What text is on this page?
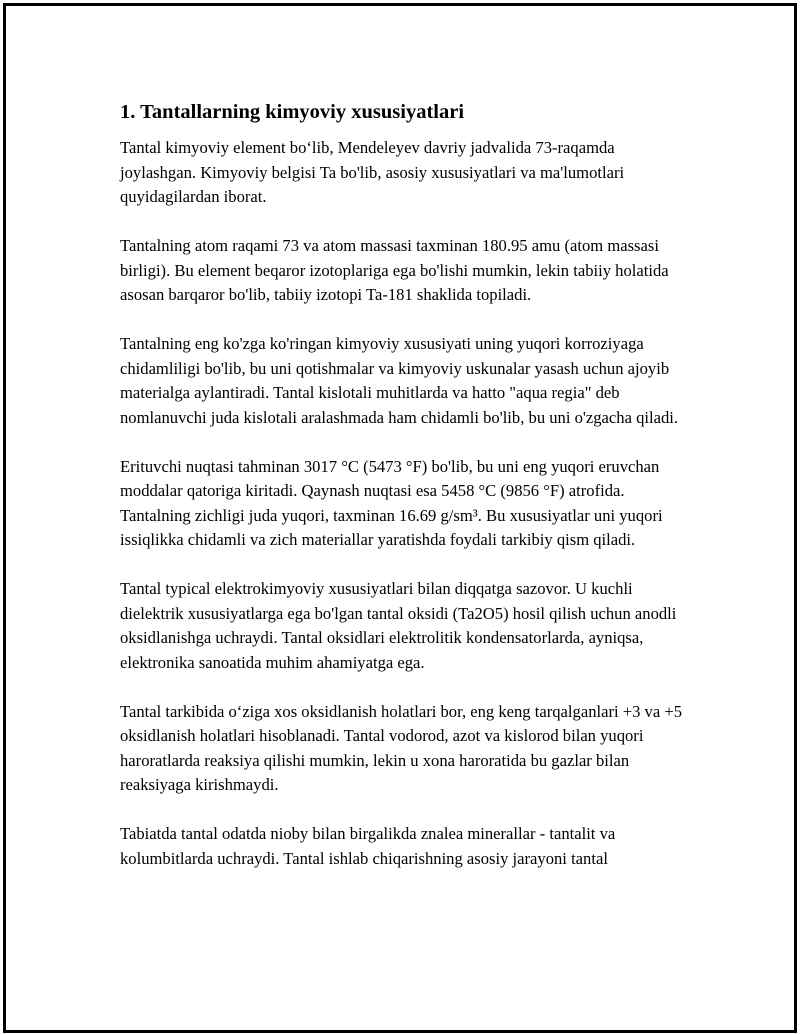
1. Tantallarning kimyoviy xususiyatlari

Tantal kimyoviy element bo‘lib, Mendeleyev davriy jadvalida 73-raqamda joylashgan. Kimyoviy belgisi Ta bo'lib, asosiy xususiyatlari va ma'lumotlari quyidagilardan iborat.

Tantalning atom raqami 73 va atom massasi taxminan 180.95 amu (atom massasi birligi). Bu element beqaror izotoplariga ega bo'lishi mumkin, lekin tabiiy holatida asosan barqaror bo'lib, tabiiy izotopi Ta-181 shaklida topiladi.

Tantalning eng ko'zga ko'ringan kimyoviy xususiyati uning yuqori korroziyaga chidamliligi bo'lib, bu uni qotishmalar va kimyoviy uskunalar yasash uchun ajoyib materialga aylantiradi. Tantal kislotali muhitlarda va hatto "aqua regia" deb nomlanuvchi juda kislotali aralashmada ham chidamli bo'lib, bu uni o'zgacha qiladi.

Erituvchi nuqtasi tahminan 3017 °C (5473 °F) bo'lib, bu uni eng yuqori eruvchan moddalar qatoriga kiritadi. Qaynash nuqtasi esa 5458 °C (9856 °F) atrofida. Tantalning zichligi juda yuqori, taxminan 16.69 g/sm³. Bu xususiyatlar uni yuqori issiqlikka chidamli va zich materiallar yaratishda foydali tarkibiy qism qiladi.

Tantal typical elektrokimyoviy xususiyatlari bilan diqqatga sazovor. U kuchli dielektrik xususiyatlarga ega bo'lgan tantal oksidi (Ta2O5) hosil qilish uchun anodli oksidlanishga uchraydi. Tantal oksidlari elektrolitik kondensatorlarda, ayniqsa, elektronika sanoatida muhim ahamiyatga ega.

Tantal tarkibida o‘ziga xos oksidlanish holatlari bor, eng keng tarqalganlari +3 va +5 oksidlanish holatlari hisoblanadi. Tantal vodorod, azot va kislorod bilan yuqori haroratlarda reaksiya qilishi mumkin, lekin u xona haroratida bu gazlar bilan reaksiyaga kirishmaydi.

Tabiatda tantal odatda nioby bilan birgalikda znalea minerallar - tantalit va kolumbitlarda uchraydi. Tantal ishlab chiqarishning asosiy jarayoni tantal
